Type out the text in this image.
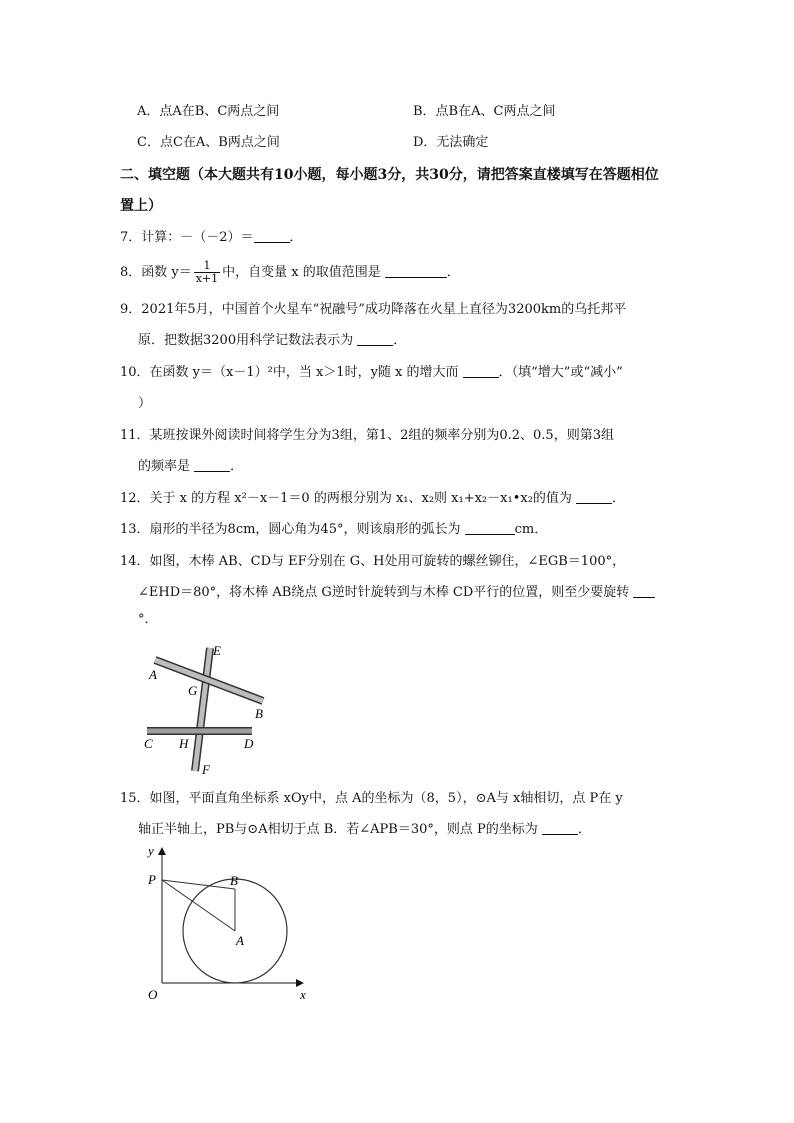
A．点A在B、C两点之间	B．点B在A、C两点之间
C．点C在A、B两点之间	D．无法确定
二、填空题（本大题共有10小题，每小题3分，共30分，请把答案直楼填写在答题相位
置上）
7．计算：－（－2）＝	．
8．函数 $y= \frac{1}{x+1}$ 中，自变量 x 的取值范围是	．
9．2021年5月，中国首个火星车“祝融号”成功降落在火星上直径为3200km的乌托邦平
原．把数据3200用科学记数法表示为	．
10．在函数 y＝（x－1）²中，当 x＞1时，y随 x 的增大而	．（填“增大”或“减小”
）
11．某班按课外阅读时间将学生分为3组，第1、2组的频率分别为0.2、0.5，则第3组
的频率是	．
12．关于 x 的方程 x²－x－1＝0 的两根分别为 x₁、x₂则 x₁+x₂－x₁•x₂的值为	．
13．扇形的半径为8cm，圆心角为45°，则该扇形的弧长为	cm．
14．如图，木棒 AB、CD与 EF分别在 G、H处用可旋转的螺丝铆住，∠EGB＝100°，
∠EHD＝80°，将木棒 AB绕点 G逆时针旋转到与木棒 CD平行的位置，则至少要旋转
°．
A
B
C	D
E
F
G
H
15．如图，平面直角坐标系 xOy中，点 A的坐标为（8，5），⊙A与 x轴相切，点 P在 y
轴正半轴上，PB与⊙A相切于点 B．若∠APB＝30°，则点 P的坐标为	．
y
x
O
P	B
A
